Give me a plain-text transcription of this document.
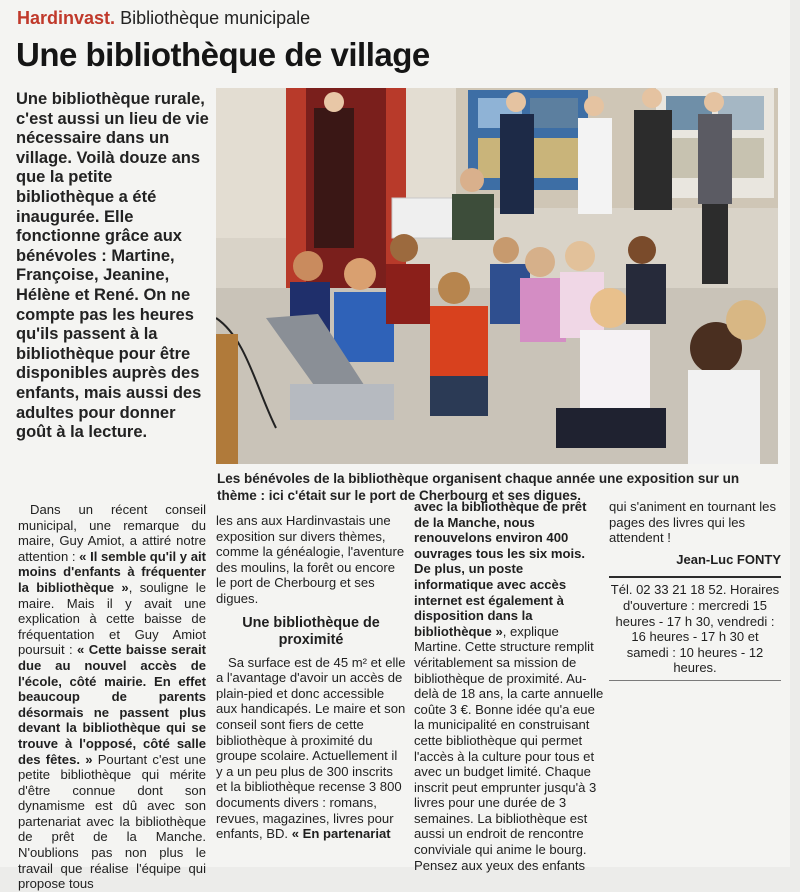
Hardinvast. Bibliothèque municipale
Une bibliothèque de village

Une bibliothèque rurale, c'est aussi un lieu de vie nécessaire dans un village. Voilà douze ans que la petite bibliothèque a été inaugurée. Elle fonctionne grâce aux bénévoles : Martine, Françoise, Jeanine, Hélène et René. On ne compte pas les heures qu'ils passent à la bibliothèque pour être disponibles auprès des enfants, mais aussi des adultes pour donner goût à la lecture.

Les bénévoles de la bibliothèque organisent chaque année une exposition sur un thème : ici c'était sur le port de Cherbourg et ses digues.

Dans un récent conseil municipal, une remarque du maire, Guy Amiot, a attiré notre attention : « Il semble qu'il y ait moins d'enfants à fréquenter la bibliothèque », souligne le maire. Mais il y avait une explication à cette baisse de fréquentation et Guy Amiot poursuit : « Cette baisse serait due au nouvel accès de l'école, côté mairie. En effet beaucoup de parents désormais ne passent plus devant la bibliothèque qui se trouve à l'opposé, côté salle des fêtes. » Pourtant c'est une petite bibliothèque qui mérite d'être connue dont son dynamisme est dû avec son partenariat avec la bibliothèque de prêt de la Manche. N'oublions pas non plus le travail que réalise l'équipe qui propose tous

les ans aux Hardinvastais une exposition sur divers thèmes, comme la généalogie, l'aventure des moulins, la forêt ou encore le port de Cherbourg et ses digues.

Une bibliothèque de proximité

Sa surface est de 45 m² et elle a l'avantage d'avoir un accès de plain-pied et donc accessible aux handicapés. Le maire et son conseil sont fiers de cette bibliothèque à proximité du groupe scolaire. Actuellement il y a un peu plus de 300 inscrits et la bibliothèque recense 3 800 documents divers : romans, revues, magazines, livres pour enfants, BD. « En partenariat

avec la bibliothèque de prêt de la Manche, nous renouvelons environ 400 ouvrages tous les six mois. De plus, un poste informatique avec accès internet est également à disposition dans la bibliothèque », explique Martine. Cette structure remplit véritablement sa mission de bibliothèque de proximité. Au-delà de 18 ans, la carte annuelle coûte 3 €. Bonne idée qu'a eue la municipalité en construisant cette bibliothèque qui permet l'accès à la culture pour tous et avec un budget limité. Chaque inscrit peut emprunter jusqu'à 3 livres pour une durée de 3 semaines. La bibliothèque est aussi un endroit de rencontre conviviale qui anime le bourg. Pensez aux yeux des enfants

qui s'animent en tournant les pages des livres qui les attendent !

Jean-Luc FONTY

Tél. 02 33 21 18 52. Horaires d'ouverture : mercredi 15 heures - 17 h 30, vendredi : 16 heures - 17 h 30 et samedi : 10 heures - 12 heures.
